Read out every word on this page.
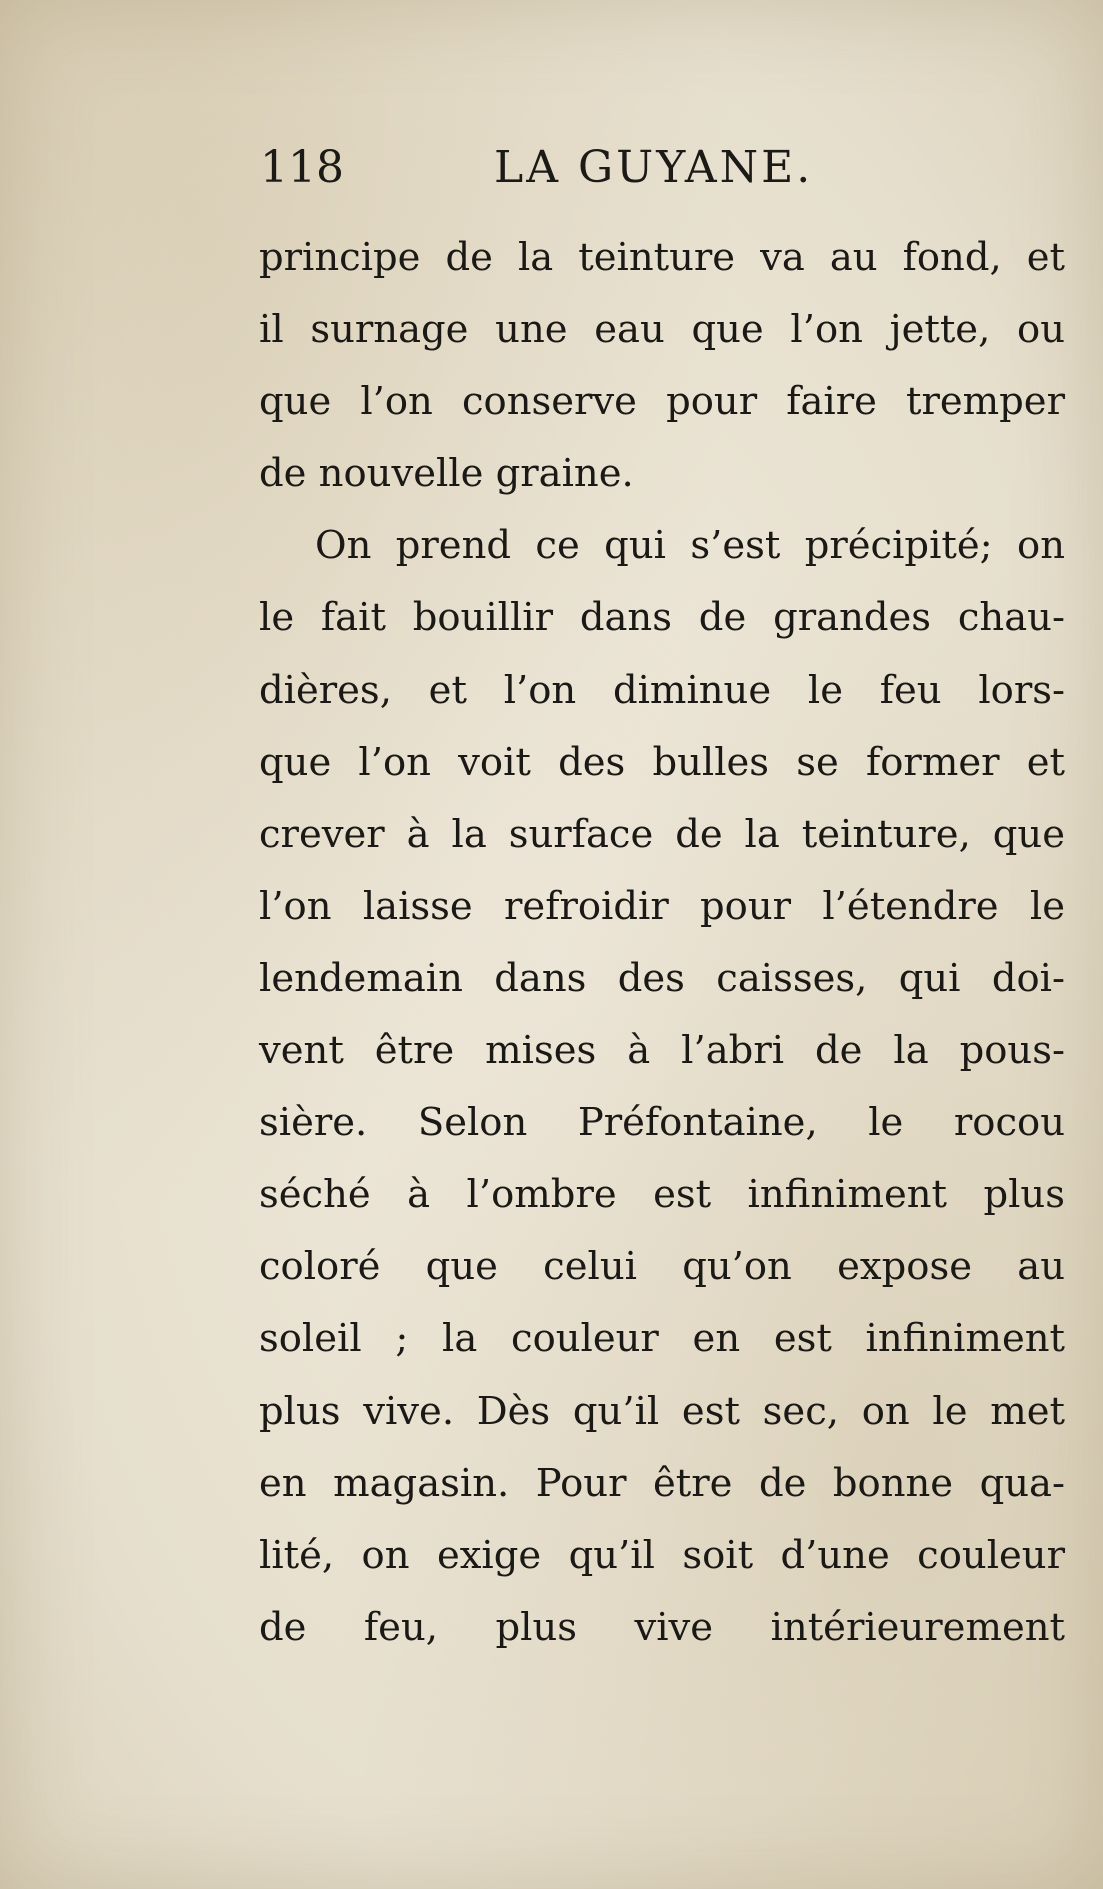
118	LA GUYANE.
principe de la teinture va au fond, et
il surnage une eau que l’on jette, ou
que l’on conserve pour faire tremper
de nouvelle graine.
On prend ce qui s’est précipité; on
le fait bouillir dans de grandes chau-
dières, et l’on diminue le feu lors-
que l’on voit des bulles se former et
crever à la surface de la teinture, que
l’on laisse refroidir pour l’étendre le
lendemain dans des caisses, qui doi-
vent être mises à l’abri de la pous-
sière. Selon Préfontaine, le rocou
séché à l’ombre est infiniment plus
coloré que celui qu’on expose au
soleil ; la couleur en est infiniment
plus vive. Dès qu’il est sec, on le met
en magasin. Pour être de bonne qua-
lité, on exige qu’il soit d’une couleur
de feu, plus vive intérieurement
